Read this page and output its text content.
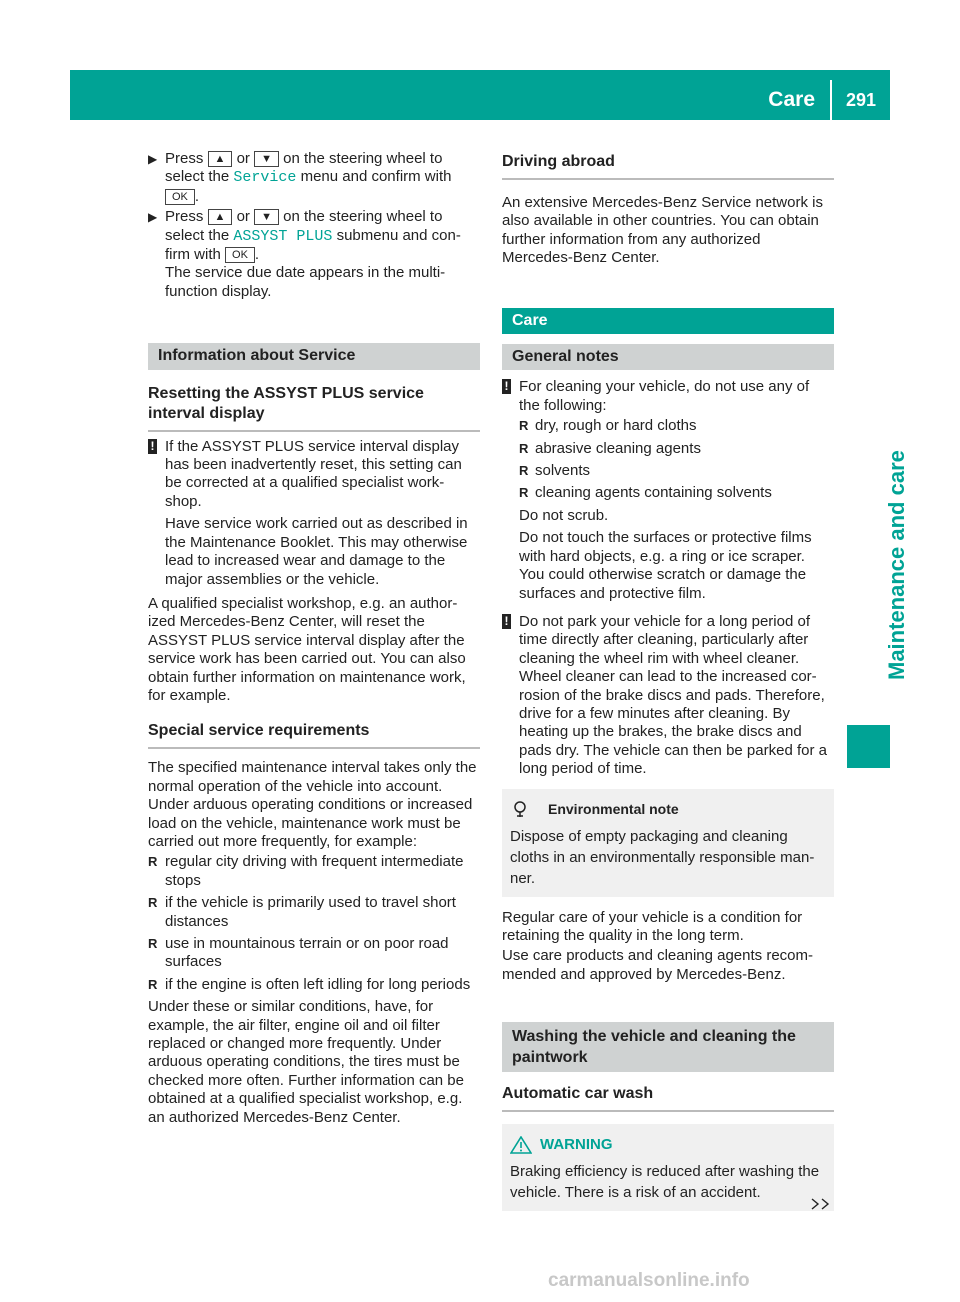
Care	291
Maintenance and care
▶ Press ▲ or ▼ on the steering wheel to select the Service menu and confirm with OK .
▶ Press ▲ or ▼ on the steering wheel to select the ASSYST PLUS submenu and con-firm with OK .

The service due date appears in the multi-function display.

Information about Service
Resetting the ASSYST PLUS service interval display
! If the ASSYST PLUS service interval display has been inadvertently reset, this setting can be corrected at a qualified specialist work-shop.

Have service work carried out as described in the Maintenance Booklet. This may otherwise lead to increased wear and damage to the major assemblies or the vehicle.

A qualified specialist workshop, e.g. an author-ized Mercedes-Benz Center, will reset the ASSYST PLUS service interval display after the service work has been carried out. You can also obtain further information on maintenance work, for example.

Special service requirements

The specified maintenance interval takes only the normal operation of the vehicle into account. Under arduous operating conditions or increased load on the vehicle, maintenance work must be carried out more frequently, for example:

R regular city driving with frequent intermediate stops
R if the vehicle is primarily used to travel short distances
R use in mountainous terrain or on poor road surfaces
R if the engine is often left idling for long periods

Under these or similar conditions, have, for example, the air filter, engine oil and oil filter replaced or changed more frequently. Under arduous operating conditions, the tires must be checked more often. Further information can be obtained at a qualified specialist workshop, e.g. an authorized Mercedes-Benz Center.

Driving abroad

An extensive Mercedes-Benz Service network is also available in other countries. You can obtain further information from any authorized Mercedes-Benz Center.

Care
General notes
! For cleaning your vehicle, do not use any of the following:

R dry, rough or hard cloths
R abrasive cleaning agents
R solvents
R cleaning agents containing solvents

Do not scrub.

Do not touch the surfaces or protective films with hard objects, e.g. a ring or ice scraper. You could otherwise scratch or damage the surfaces and protective film.

! Do not park your vehicle for a long period of time directly after cleaning, particularly after cleaning the wheel rim with wheel cleaner. Wheel cleaner can lead to the increased cor-rosion of the brake discs and pads. Therefore, drive for a few minutes after cleaning. By heating up the brakes, the brake discs and pads dry. The vehicle can then be parked for a long period of time.

Environmental note

Dispose of empty packaging and cleaning cloths in an environmentally responsible man-ner.

Regular care of your vehicle is a condition for retaining the quality in the long term.

Use care products and cleaning agents recom-mended and approved by Mercedes-Benz.

Washing the vehicle and cleaning the paintwork
Automatic car wash
WARNING

Braking efficiency is reduced after washing the vehicle. There is a risk of an accident.

carmanualsonline.info
